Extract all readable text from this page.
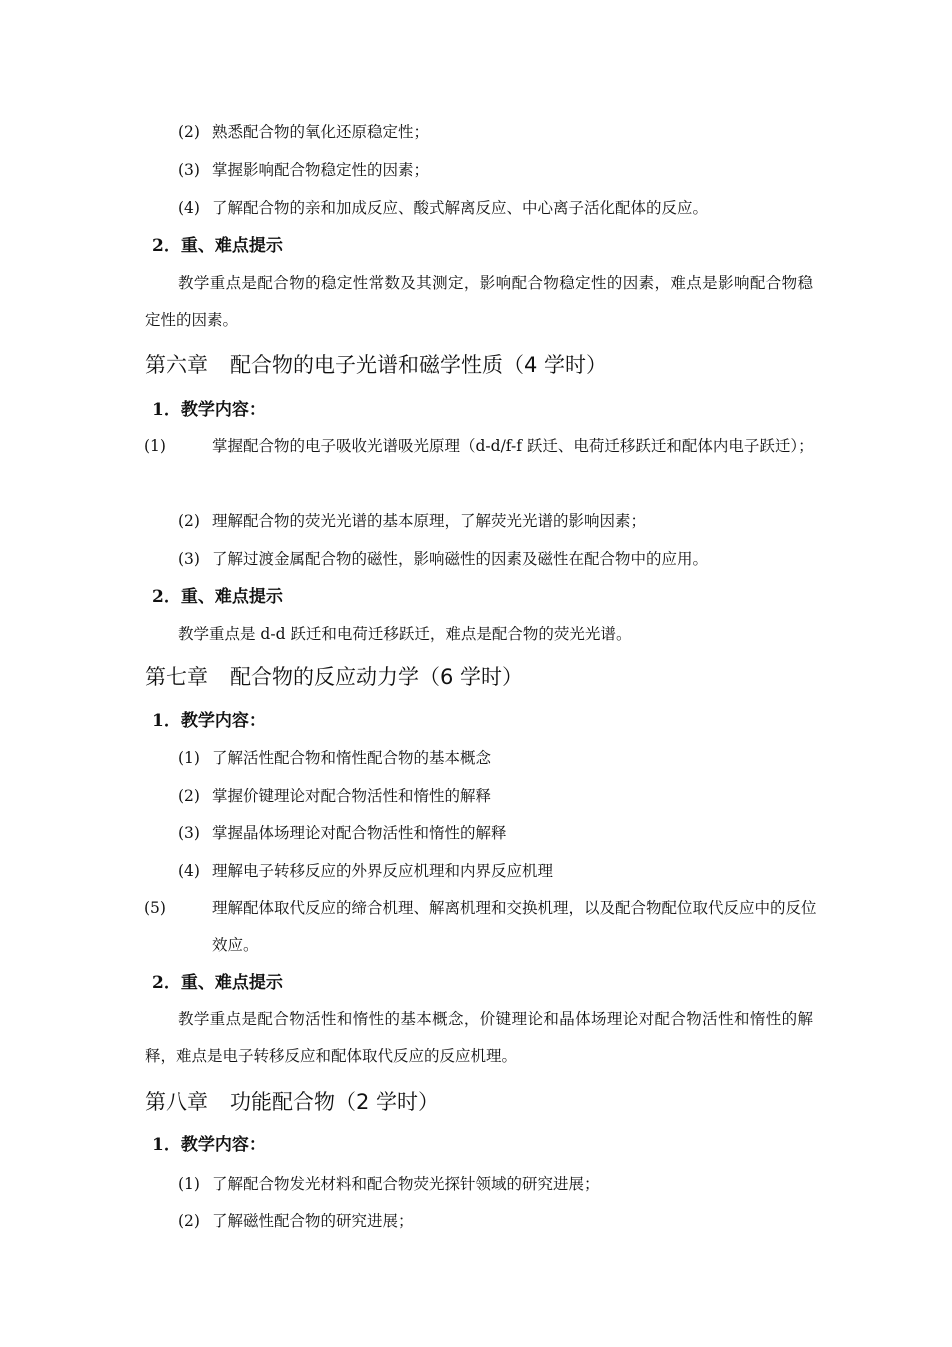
(2) 熟悉配合物的氧化还原稳定性；
(3) 掌握影响配合物稳定性的因素；
(4) 了解配合物的亲和加成反应、酸式解离反应、中心离子活化配体的反应。
2．重、难点提示
教学重点是配合物的稳定性常数及其测定，影响配合物稳定性的因素，难点是影响配合物稳定性的因素。
第六章 配合物的电子光谱和磁学性质（4 学时）
1．教学内容：
(1)	掌握配合物的电子吸收光谱吸光原理（d-d/f-f 跃迁、电荷迁移跃迁和配体内电子跃迁）；
(2) 理解配合物的荧光光谱的基本原理，了解荧光光谱的影响因素；
(3) 了解过渡金属配合物的磁性，影响磁性的因素及磁性在配合物中的应用。
2．重、难点提示
教学重点是 d-d 跃迁和电荷迁移跃迁，难点是配合物的荧光光谱。
第七章 配合物的反应动力学（6 学时）
1．教学内容：
(1) 了解活性配合物和惰性配合物的基本概念
(2) 掌握价键理论对配合物活性和惰性的解释
(3) 掌握晶体场理论对配合物活性和惰性的解释
(4) 理解电子转移反应的外界反应机理和内界反应机理
(5)	理解配体取代反应的缔合机理、解离机理和交换机理，以及配合物配位取代反应中的反位效应。
2．重、难点提示
教学重点是配合物活性和惰性的基本概念，价键理论和晶体场理论对配合物活性和惰性的解释，难点是电子转移反应和配体取代反应的反应机理。
第八章 功能配合物（2 学时）
1．教学内容：
(1) 了解配合物发光材料和配合物荧光探针领域的研究进展；
(2) 了解磁性配合物的研究进展；
